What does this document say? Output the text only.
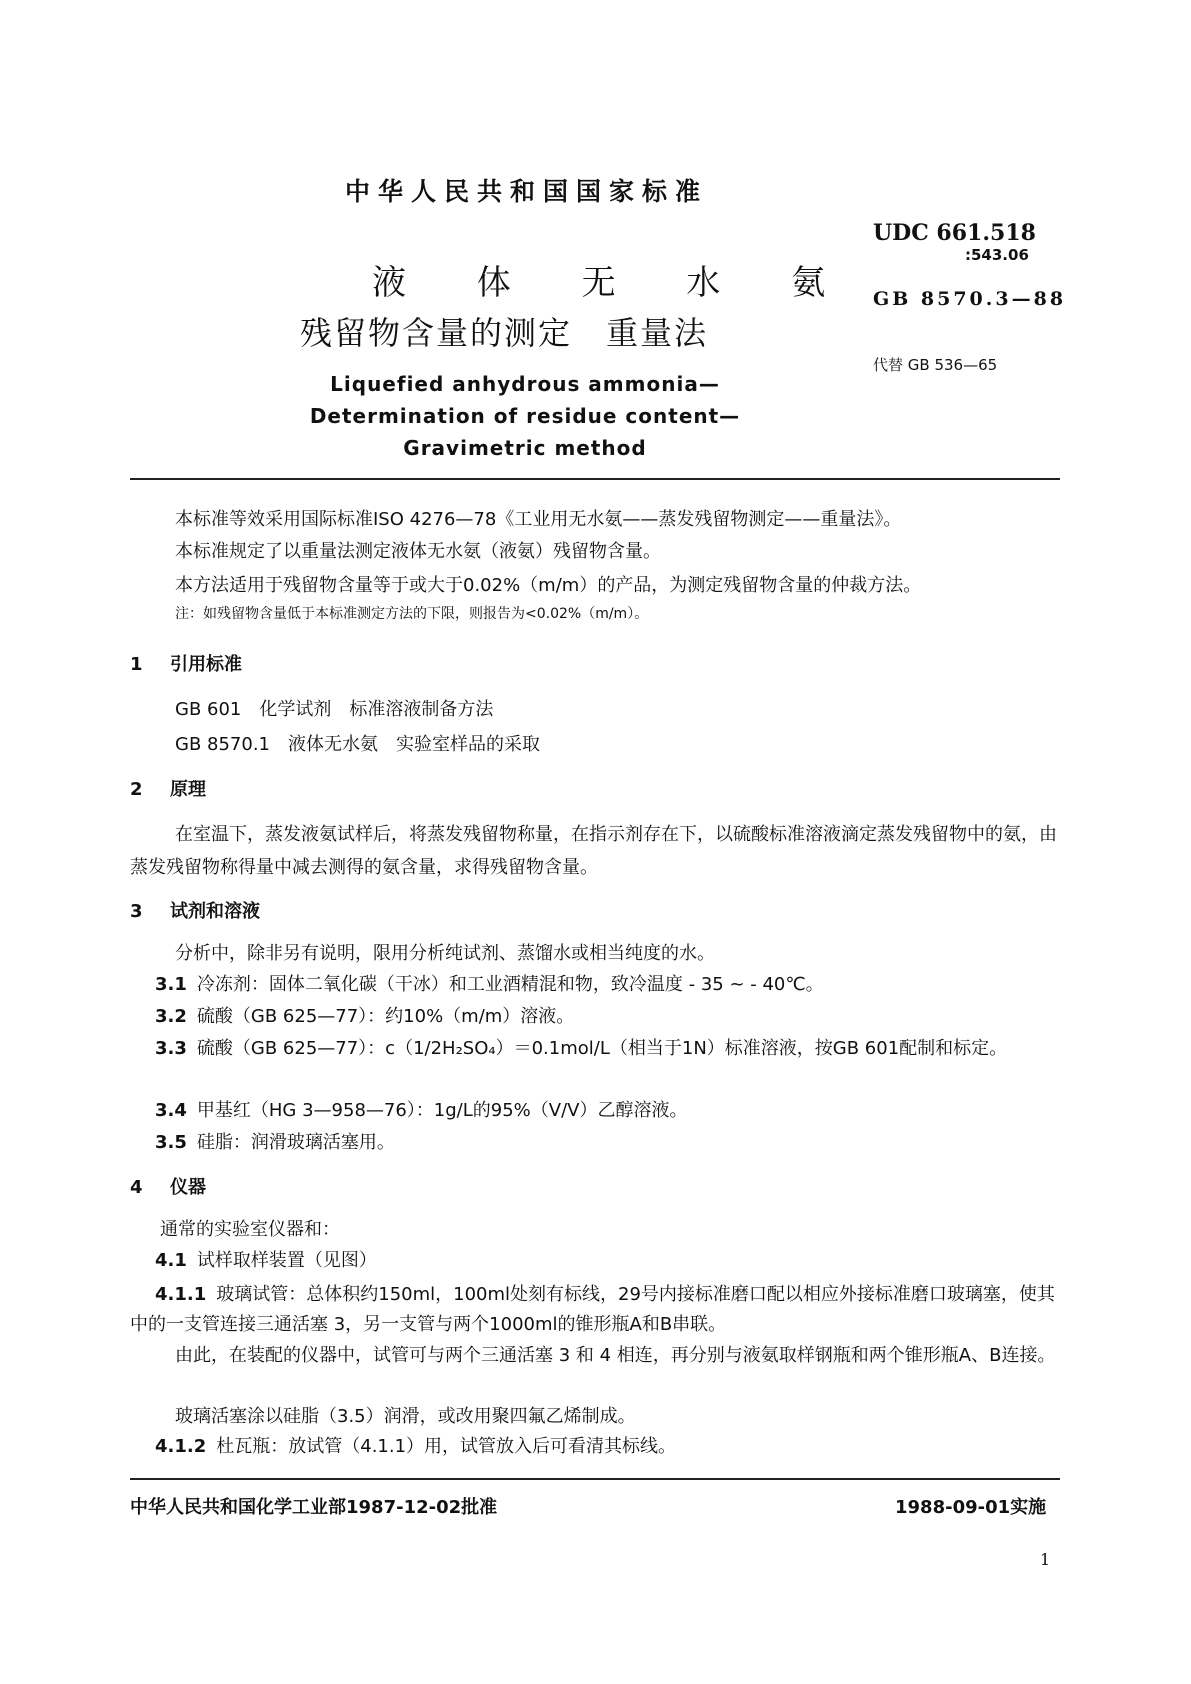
中华人民共和国国家标准
液 体 无 水 氨
残留物含量的测定　重量法
Liquefied anhydrous ammonia—Determination of residue content—Gravimetric method
UDC 661.518
:543.06
GB 8570.3—88
代替 GB 536—65
本标准等效采用国际标准ISO 4276—78《工业用无水氨——蒸发残留物测定——重量法》。
本标准规定了以重量法测定液体无水氨（液氨）残留物含量。
本方法适用于残留物含量等于或大于0.02%（m/m）的产品，为测定残留物含量的仲裁方法。
注：如残留物含量低于本标准测定方法的下限，则报告为<0.02%（m/m）。
1 引用标准
GB 601　化学试剂　标准溶液制备方法
GB 8570.1　液体无水氨　实验室样品的采取
2 原理
在室温下，蒸发液氨试样后，将蒸发残留物称量，在指示剂存在下，以硫酸标准溶液滴定蒸发残留物中的氨，由蒸发残留物称得量中减去测得的氨含量，求得残留物含量。
3 试剂和溶液
分析中，除非另有说明，限用分析纯试剂、蒸馏水或相当纯度的水。
3.1 冷冻剂：固体二氧化碳（干冰）和工业酒精混和物，致冷温度 - 35 ~ - 40℃。
3.2 硫酸（GB 625—77）：约10%（m/m）溶液。
3.3 硫酸（GB 625—77）：c（1/2H₂SO₄）＝0.1mol/L（相当于1N）标准溶液，按GB 601配制和标定。
3.4 甲基红（HG 3—958—76）：1g/L的95%（V/V）乙醇溶液。
3.5 硅脂：润滑玻璃活塞用。
4 仪器
通常的实验室仪器和：
4.1 试样取样装置（见图）
4.1.1 玻璃试管：总体积约150ml，100ml处刻有标线，29号内接标准磨口配以相应外接标准磨口玻璃塞，使其中的一支管连接三通活塞 3，另一支管与两个1000ml的锥形瓶A和B串联。
由此，在装配的仪器中，试管可与两个三通活塞 3 和 4 相连，再分别与液氨取样钢瓶和两个锥形瓶A、B连接。
玻璃活塞涂以硅脂（3.5）润滑，或改用聚四氟乙烯制成。
4.1.2 杜瓦瓶：放试管（4.1.1）用，试管放入后可看清其标线。
中华人民共和国化学工业部1987-12-02批准	1988-09-01实施
1
